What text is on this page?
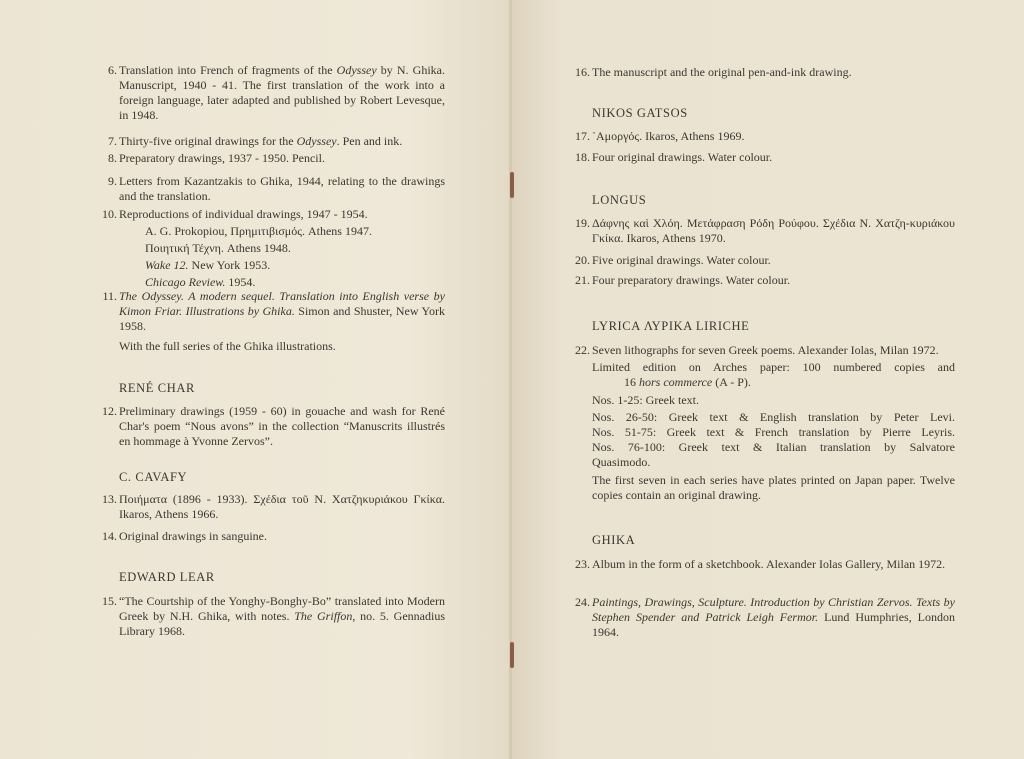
6. Translation into French of fragments of the Odyssey by N. Ghika. Manuscript, 1940 - 41. The first translation of the work into a foreign language, later adapted and published by Robert Levesque, in 1948.
7. Thirty-five original drawings for the Odyssey. Pen and ink.
8. Preparatory drawings, 1937 - 1950. Pencil.
9. Letters from Kazantzakis to Ghika, 1944, relating to the drawings and the translation.
10. Reproductions of individual drawings, 1947 - 1954.
A. G. Prokopiou, Πρημιτιβισμός. Athens 1947.
Ποιητική Τέχνη. Athens 1948.
Wake 12. New York 1953.
Chicago Review. 1954.
11. The Odyssey. A modern sequel. Translation into English verse by Kimon Friar. Illustrations by Ghika. Simon and Shuster, New York 1958.
With the full series of the Ghika illustrations.
RENÉ CHAR
12. Preliminary drawings (1959 - 60) in gouache and wash for René Char's poem “Nous avons” in the collection “Manuscrits illustrés en hommage à Yvonne Zervos”.
C. CAVAFY
13. Ποιήματα (1896 - 1933). Σχέδια τοῦ Ν. Χατζηκυριάκου Γκίκα. Ikaros, Athens 1966.
14. Original drawings in sanguine.
EDWARD LEAR
15. “The Courtship of the Yonghy-Bonghy-Bo” translated into Modern Greek by N.H. Ghika, with notes. The Griffon, no. 5. Gennadius Library 1968.
16. The manuscript and the original pen-and-ink drawing.
NIKOS GATSOS
17. ᾿Αμοργός. Ikaros, Athens 1969.
18. Four original drawings. Water colour.
LONGUS
19. Δάφνης καὶ Χλόη. Μετάφραση Ρόδη Ρούφου. Σχέδια Ν. Χατζη-κυριάκου Γκίκα. Ikaros, Athens 1970.
20. Five original drawings. Water colour.
21. Four preparatory drawings. Water colour.
LYRICA ΛΥΡΙΚΑ LIRICHE
22. Seven lithographs for seven Greek poems. Alexander Iolas, Milan 1972.
Limited edition on Arches paper: 100 numbered copies and
16 hors commerce (A - P).
Nos. 1-25: Greek text.
Nos. 26-50: Greek text & English translation by Peter Levi.
Nos. 51-75: Greek text & French translation by Pierre Leyris.
Nos. 76-100: Greek text & Italian translation by Salvatore
Quasimodo.
The first seven in each series have plates printed on Japan paper. Twelve copies contain an original drawing.
GHIKA
23. Album in the form of a sketchbook. Alexander Iolas Gallery, Milan 1972.
24. Paintings, Drawings, Sculpture. Introduction by Christian Zervos. Texts by Stephen Spender and Patrick Leigh Fermor. Lund Humphries, London 1964.
